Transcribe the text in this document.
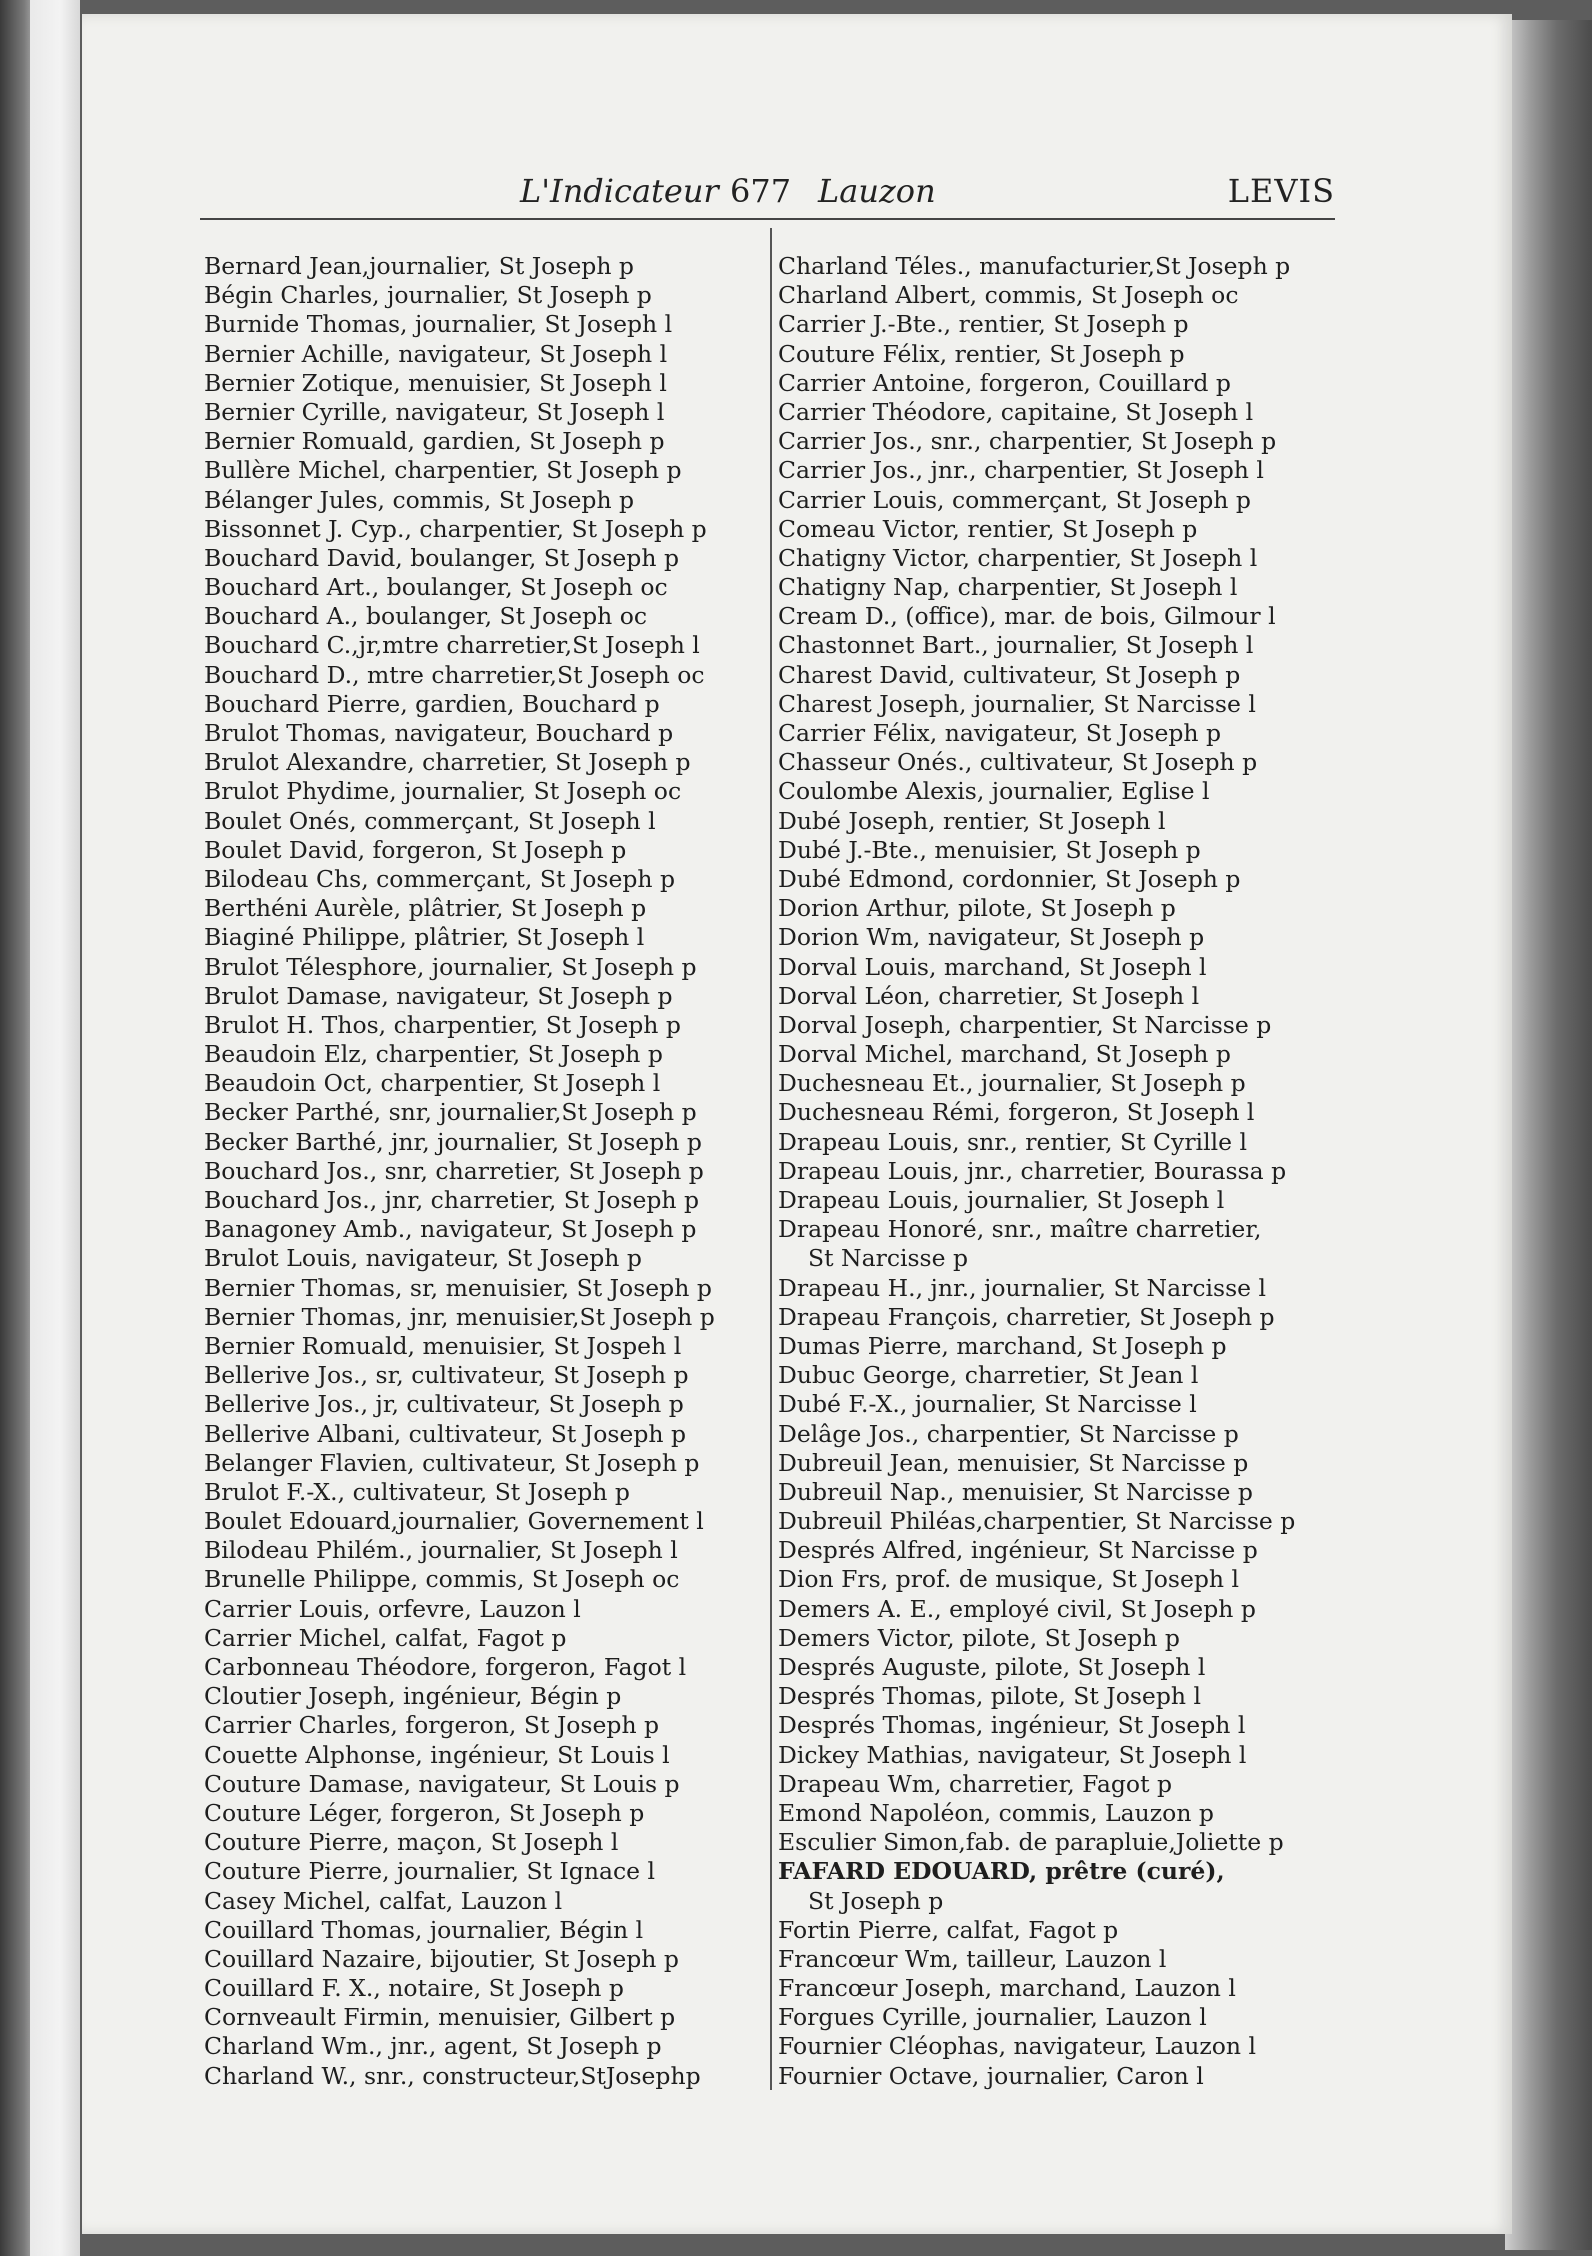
L'Indicateur 677 Lauzon	LEVIS
Bernard Jean,journalier, St Joseph p
Bégin Charles, journalier, St Joseph p
Burnide Thomas, journalier, St Joseph l
Bernier Achille, navigateur, St Joseph l
Bernier Zotique, menuisier, St Joseph l
Bernier Cyrille, navigateur, St Joseph l
Bernier Romuald, gardien, St Joseph p
Bullère Michel, charpentier, St Joseph p
Bélanger Jules, commis, St Joseph p
Bissonnet J. Cyp., charpentier, St Joseph p
Bouchard David, boulanger, St Joseph p
Bouchard Art., boulanger, St Joseph oc
Bouchard A., boulanger, St Joseph oc
Bouchard C.,jr,mtre charretier,St Joseph l
Bouchard D., mtre charretier,St Joseph oc
Bouchard Pierre, gardien, Bouchard p
Brulot Thomas, navigateur, Bouchard p
Brulot Alexandre, charretier, St Joseph p
Brulot Phydime, journalier, St Joseph oc
Boulet Onés, commerçant, St Joseph l
Boulet David, forgeron, St Joseph p
Bilodeau Chs, commerçant, St Joseph p
Berthéni Aurèle, plâtrier, St Joseph p
Biaginé Philippe, plâtrier, St Joseph l
Brulot Télesphore, journalier, St Joseph p
Brulot Damase, navigateur, St Joseph p
Brulot H. Thos, charpentier, St Joseph p
Beaudoin Elz, charpentier, St Joseph p
Beaudoin Oct, charpentier, St Joseph l
Becker Parthé, snr, journalier,St Joseph p
Becker Barthé, jnr, journalier, St Joseph p
Bouchard Jos., snr, charretier, St Joseph p
Bouchard Jos., jnr, charretier, St Joseph p
Banagoney Amb., navigateur, St Joseph p
Brulot Louis, navigateur, St Joseph p
Bernier Thomas, sr, menuisier, St Joseph p
Bernier Thomas, jnr, menuisier,St Joseph p
Bernier Romuald, menuisier, St Jospeh l
Bellerive Jos., sr, cultivateur, St Joseph p
Bellerive Jos., jr, cultivateur, St Joseph p
Bellerive Albani, cultivateur, St Joseph p
Belanger Flavien, cultivateur, St Joseph p
Brulot F.-X., cultivateur, St Joseph p
Boulet Edouard,journalier, Governement l
Bilodeau Philém., journalier, St Joseph l
Brunelle Philippe, commis, St Joseph oc
Carrier Louis, orfevre, Lauzon l
Carrier Michel, calfat, Fagot p
Carbonneau Théodore, forgeron, Fagot l
Cloutier Joseph, ingénieur, Bégin p
Carrier Charles, forgeron, St Joseph p
Couette Alphonse, ingénieur, St Louis l
Couture Damase, navigateur, St Louis p
Couture Léger, forgeron, St Joseph p
Couture Pierre, maçon, St Joseph l
Couture Pierre, journalier, St Ignace l
Casey Michel, calfat, Lauzon l
Couillard Thomas, journalier, Bégin l
Couillard Nazaire, bijoutier, St Joseph p
Couillard F. X., notaire, St Joseph p
Cornveault Firmin, menuisier, Gilbert p
Charland Wm., jnr., agent, St Joseph p
Charland W., snr., constructeur,StJosephp
Charland Téles., manufacturier,St Joseph p
Charland Albert, commis, St Joseph oc
Carrier J.-Bte., rentier, St Joseph p
Couture Félix, rentier, St Joseph p
Carrier Antoine, forgeron, Couillard p
Carrier Théodore, capitaine, St Joseph l
Carrier Jos., snr., charpentier, St Joseph p
Carrier Jos., jnr., charpentier, St Joseph l
Carrier Louis, commerçant, St Joseph p
Comeau Victor, rentier, St Joseph p
Chatigny Victor, charpentier, St Joseph l
Chatigny Nap, charpentier, St Joseph l
Cream D., (office), mar. de bois, Gilmour l
Chastonnet Bart., journalier, St Joseph l
Charest David, cultivateur, St Joseph p
Charest Joseph, journalier, St Narcisse l
Carrier Félix, navigateur, St Joseph p
Chasseur Onés., cultivateur, St Joseph p
Coulombe Alexis, journalier, Eglise l
Dubé Joseph, rentier, St Joseph l
Dubé J.-Bte., menuisier, St Joseph p
Dubé Edmond, cordonnier, St Joseph p
Dorion Arthur, pilote, St Joseph p
Dorion Wm, navigateur, St Joseph p
Dorval Louis, marchand, St Joseph l
Dorval Léon, charretier, St Joseph l
Dorval Joseph, charpentier, St Narcisse p
Dorval Michel, marchand, St Joseph p
Duchesneau Et., journalier, St Joseph p
Duchesneau Rémi, forgeron, St Joseph l
Drapeau Louis, snr., rentier, St Cyrille l
Drapeau Louis, jnr., charretier, Bourassa p
Drapeau Louis, journalier, St Joseph l
Drapeau Honoré, snr., maître charretier,
St Narcisse p
Drapeau H., jnr., journalier, St Narcisse l
Drapeau François, charretier, St Joseph p
Dumas Pierre, marchand, St Joseph p
Dubuc George, charretier, St Jean l
Dubé F.-X., journalier, St Narcisse l
Delâge Jos., charpentier, St Narcisse p
Dubreuil Jean, menuisier, St Narcisse p
Dubreuil Nap., menuisier, St Narcisse p
Dubreuil Philéas,charpentier, St Narcisse p
Després Alfred, ingénieur, St Narcisse p
Dion Frs, prof. de musique, St Joseph l
Demers A. E., employé civil, St Joseph p
Demers Victor, pilote, St Joseph p
Després Auguste, pilote, St Joseph l
Després Thomas, pilote, St Joseph l
Després Thomas, ingénieur, St Joseph l
Dickey Mathias, navigateur, St Joseph l
Drapeau Wm, charretier, Fagot p
Emond Napoléon, commis, Lauzon p
Esculier Simon,fab. de parapluie,Joliette p
FAFARD EDOUARD, prêtre (curé),
St Joseph p
Fortin Pierre, calfat, Fagot p
Francœur Wm, tailleur, Lauzon l
Francœur Joseph, marchand, Lauzon l
Forgues Cyrille, journalier, Lauzon l
Fournier Cléophas, navigateur, Lauzon l
Fournier Octave, journalier, Caron l
